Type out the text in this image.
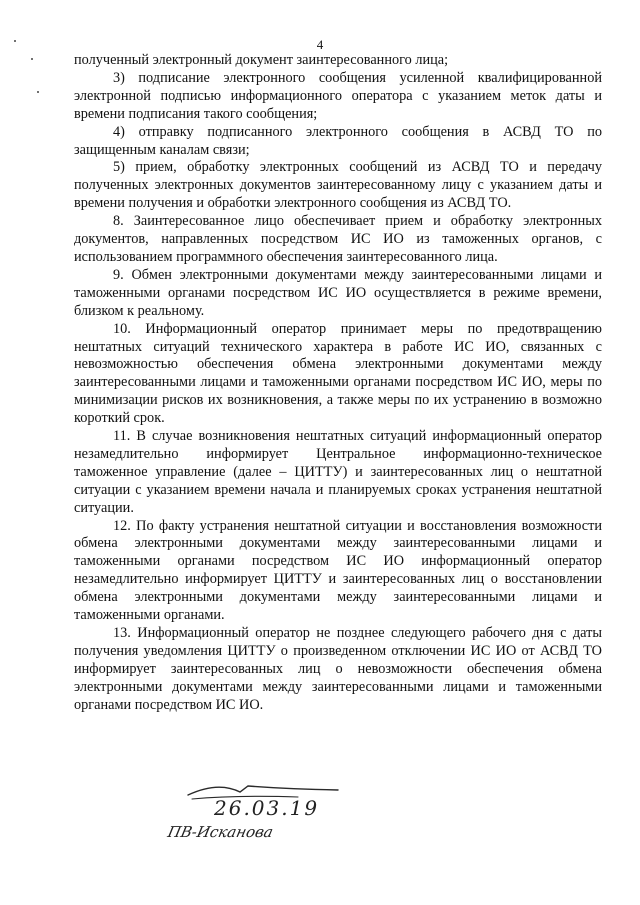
4

полученный электронный документ заинтересованного лица;

3) подписание электронного сообщения усиленной квалифицированной электронной подписью информационного оператора с указанием меток даты и времени подписания такого сообщения;

4) отправку подписанного электронного сообщения в АСВД ТО по защищенным каналам связи;

5) прием, обработку электронных сообщений из АСВД ТО и передачу полученных электронных документов заинтересованному лицу с указанием даты и времени получения и обработки электронного сообщения из АСВД ТО.

8. Заинтересованное лицо обеспечивает прием и обработку электронных документов, направленных посредством ИС ИО из таможенных органов, с использованием программного обеспечения заинтересованного лица.

9. Обмен электронными документами между заинтересованными лицами и таможенными органами посредством ИС ИО осуществляется в режиме времени, близком к реальному.

10. Информационный оператор принимает меры по предотвращению нештатных ситуаций технического характера в работе ИС ИО, связанных с невозможностью обеспечения обмена электронными документами между заинтересованными лицами и таможенными органами посредством ИС ИО, меры по минимизации рисков их возникновения, а также меры по их устранению в возможно короткий срок.

11. В случае возникновения нештатных ситуаций информационный оператор незамедлительно информирует Центральное информационно-техническое таможенное управление (далее – ЦИТТУ) и заинтересованных лиц о нештатной ситуации с указанием времени начала и планируемых сроках устранения нештатной ситуации.

12. По факту устранения нештатной ситуации и восстановления возможности обмена электронными документами между заинтересованными лицами и таможенными органами посредством ИС ИО информационный оператор незамедлительно информирует ЦИТТУ и заинтересованных лиц о восстановлении обмена электронными документами между заинтересованными лицами и таможенными органами.

13. Информационный оператор не позднее следующего рабочего дня с даты получения уведомления ЦИТТУ о произведенном отключении ИС ИО от АСВД ТО информирует заинтересованных лиц о невозможности обеспечения обмена электронными документами между заинтересованными лицами и таможенными органами посредством ИС ИО.

26.03.19
ПВ-Исканова
